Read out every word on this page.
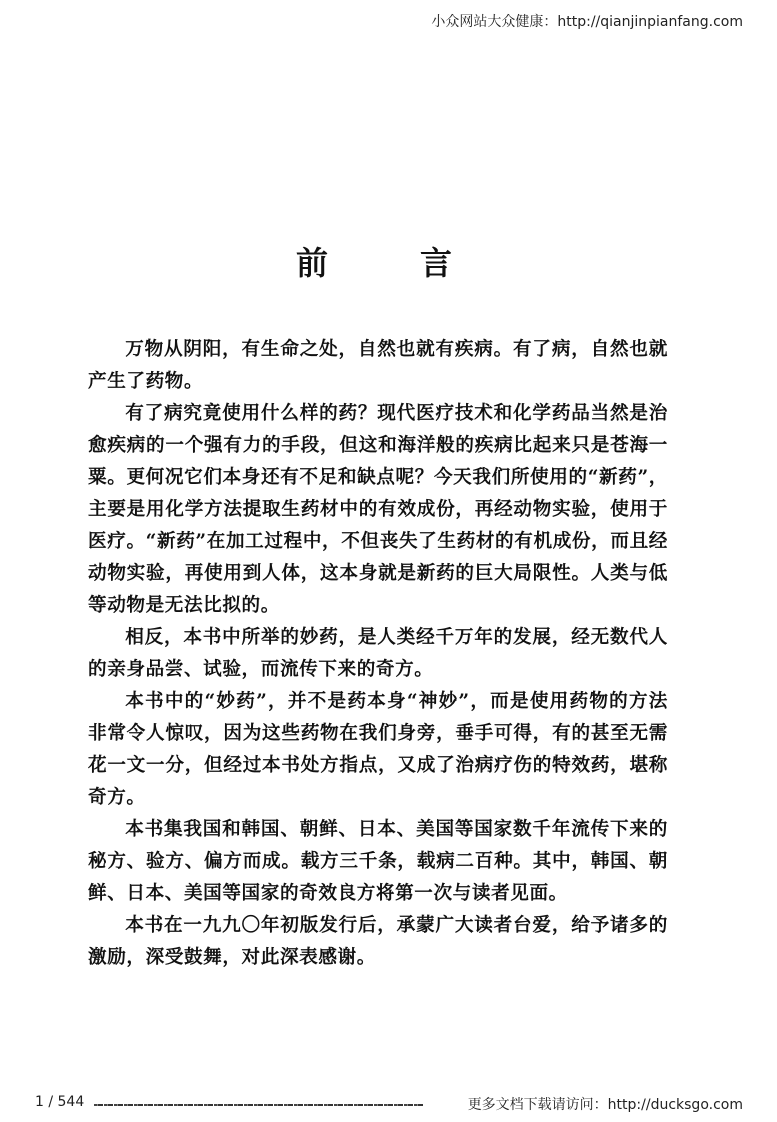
小众网站大众健康：http://qianjinpianfang.com
前	言

万物从阴阳，有生命之处，自然也就有疾病。有了病，自然也就产生了药物。

有了病究竟使用什么样的药？现代医疗技术和化学药品当然是治愈疾病的一个强有力的手段，但这和海洋般的疾病比起来只是苍海一粟。更何况它们本身还有不足和缺点呢？今天我们所使用的“新药”，主要是用化学方法提取生药材中的有效成份，再经动物实验，使用于医疗。“新药”在加工过程中，不但丧失了生药材的有机成份，而且经动物实验，再使用到人体，这本身就是新药的巨大局限性。人类与低等动物是无法比拟的。

相反，本书中所举的妙药，是人类经千万年的发展，经无数代人的亲身品尝、试验，而流传下来的奇方。

本书中的“妙药”，并不是药本身“神妙”，而是使用药物的方法非常令人惊叹，因为这些药物在我们身旁，垂手可得，有的甚至无需花一文一分，但经过本书处方指点，又成了治病疗伤的特效药，堪称奇方。

本书集我国和韩国、朝鲜、日本、美国等国家数千年流传下来的秘方、验方、偏方而成。载方三千条，载病二百种。其中，韩国、朝鲜、日本、美国等国家的奇效良方将第一次与读者见面。

本书在一九九〇年初版发行后，承蒙广大读者台爱，给予诸多的激励，深受鼓舞，对此深表感谢。

1 / 544	更多文档下载请访问：http://ducksgo.com
